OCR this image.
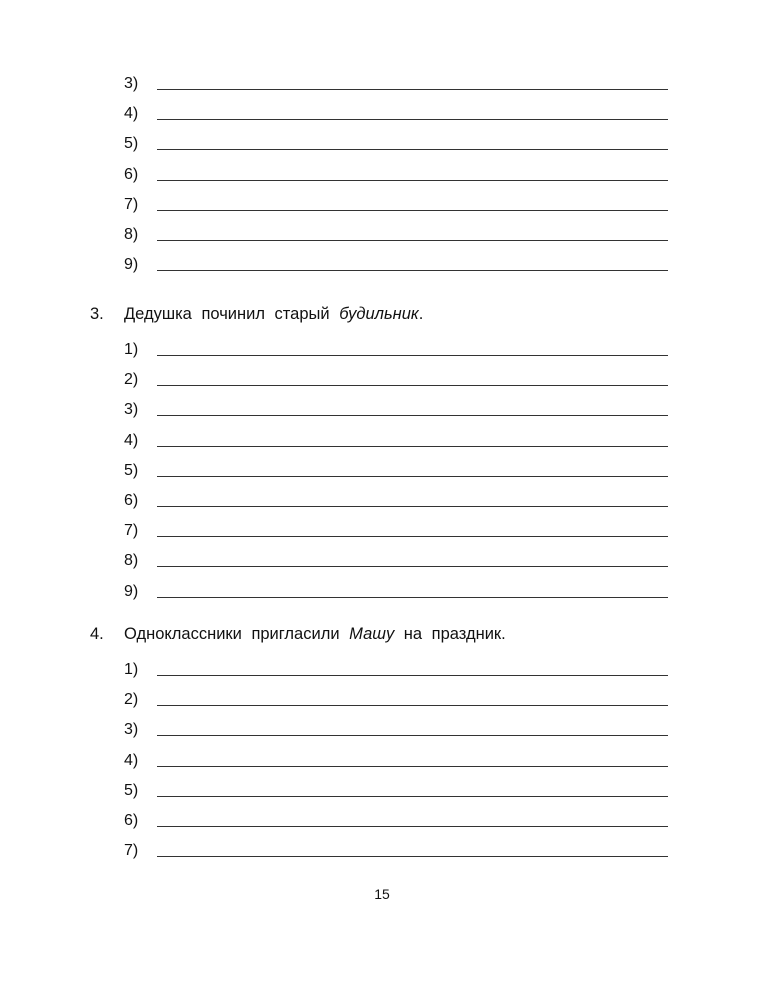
3)
4)
5)
6)
7)
8)
9)
3. Дедушка починил старый будильник.
1)
2)
3)
4)
5)
6)
7)
8)
9)
4. Одноклассники пригласили Машу на праздник.
1)
2)
3)
4)
5)
6)
7)
15
